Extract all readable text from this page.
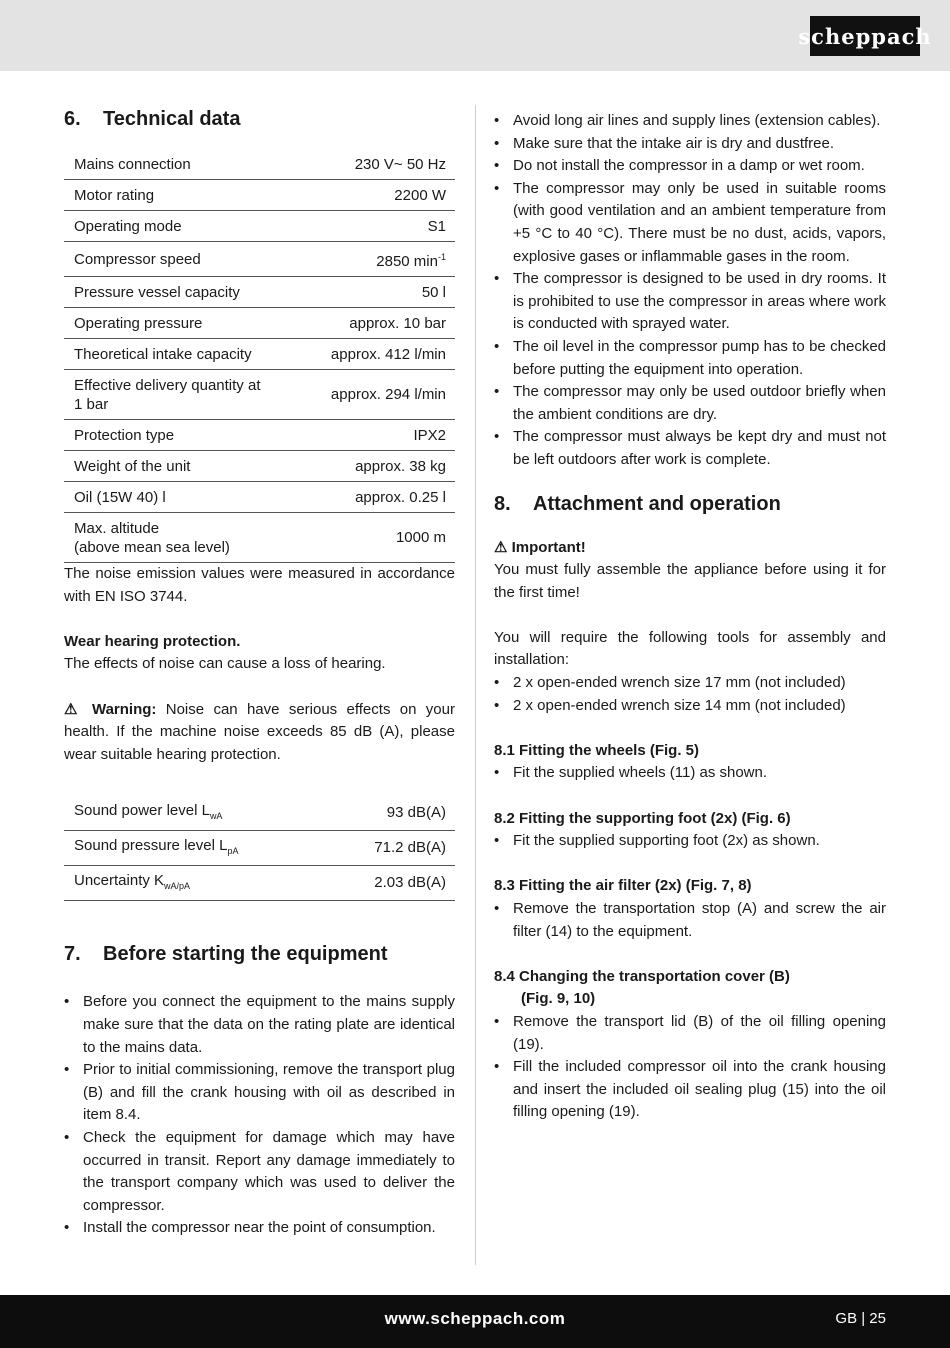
scheppach
6.	Technical data
Mains connection	230 V~ 50 Hz
Motor rating	2200 W
Operating mode	S1
Compressor speed	2850 $\min^{-1}$
Pressure vessel capacity	50 l
Operating pressure	approx. 10 bar
Theoretical intake capacity	approx. 412 l/min
Effective delivery quantity at
1 bar	approx. 294 l/min
Protection type	IPX2
Weight of the unit	approx. 38 kg
Oil (15W 40) l	approx. 0.25 l
Max. altitude
(above mean sea level)	1000 m

The noise emission values were measured in accordance with EN ISO 3744.

Wear hearing protection.

The effects of noise can cause a loss of hearing.

⚠ Warning: Noise can have serious effects on your health. If the machine noise exceeds 85 dB (A), please wear suitable hearing protection.

Sound power level $L_{wA}$	93 dB(A)
Sound pressure level $L_{pA}$	71.2 dB(A)
Uncertainty $K_{wA/pA}$	2.03 dB(A)
7.	Before starting the equipment
• Before you connect the equipment to the mains supply make sure that the data on the rating plate are identical to the mains data.
• Prior to initial commissioning, remove the transport plug (B) and fill the crank housing with oil as described in item 8.4.
• Check the equipment for damage which may have occurred in transit. Report any damage immediately to the transport company which was used to deliver the compressor.
• Install the compressor near the point of consumption.
• Avoid long air lines and supply lines (extension cables).
• Make sure that the intake air is dry and dustfree.
• Do not install the compressor in a damp or wet room.
• The compressor may only be used in suitable rooms (with good ventilation and an ambient temperature from +5 °C to 40 °C). There must be no dust, acids, vapors, explosive gases or inflammable gases in the room.
• The compressor is designed to be used in dry rooms. It is prohibited to use the compressor in areas where work is conducted with sprayed water.
• The oil level in the compressor pump has to be checked before putting the equipment into operation.
• The compressor may only be used outdoor briefly when the ambient conditions are dry.
• The compressor must always be kept dry and must not be left outdoors after work is complete.
8.	Attachment and operation

⚠ Important!

You must fully assemble the appliance before using it for the first time!

You will require the following tools for assembly and installation:

• 2 x open-ended wrench size 17 mm (not included)
• 2 x open-ended wrench size 14 mm (not included)
8.1 Fitting the wheels (Fig. 5)
• Fit the supplied wheels (11) as shown.
8.2 Fitting the supporting foot (2x) (Fig. 6)
• Fit the supplied supporting foot (2x) as shown.
8.3 Fitting the air filter (2x) (Fig. 7, 8)
• Remove the transportation stop (A) and screw the air filter (14) to the equipment.
8.4 Changing the transportation cover (B)
(Fig. 9, 10)
• Remove the transport lid (B) of the oil filling opening (19).
• Fill the included compressor oil into the crank housing and insert the included oil sealing plug (15) into the oil filling opening (19).
www.scheppach.com	GB | 25
